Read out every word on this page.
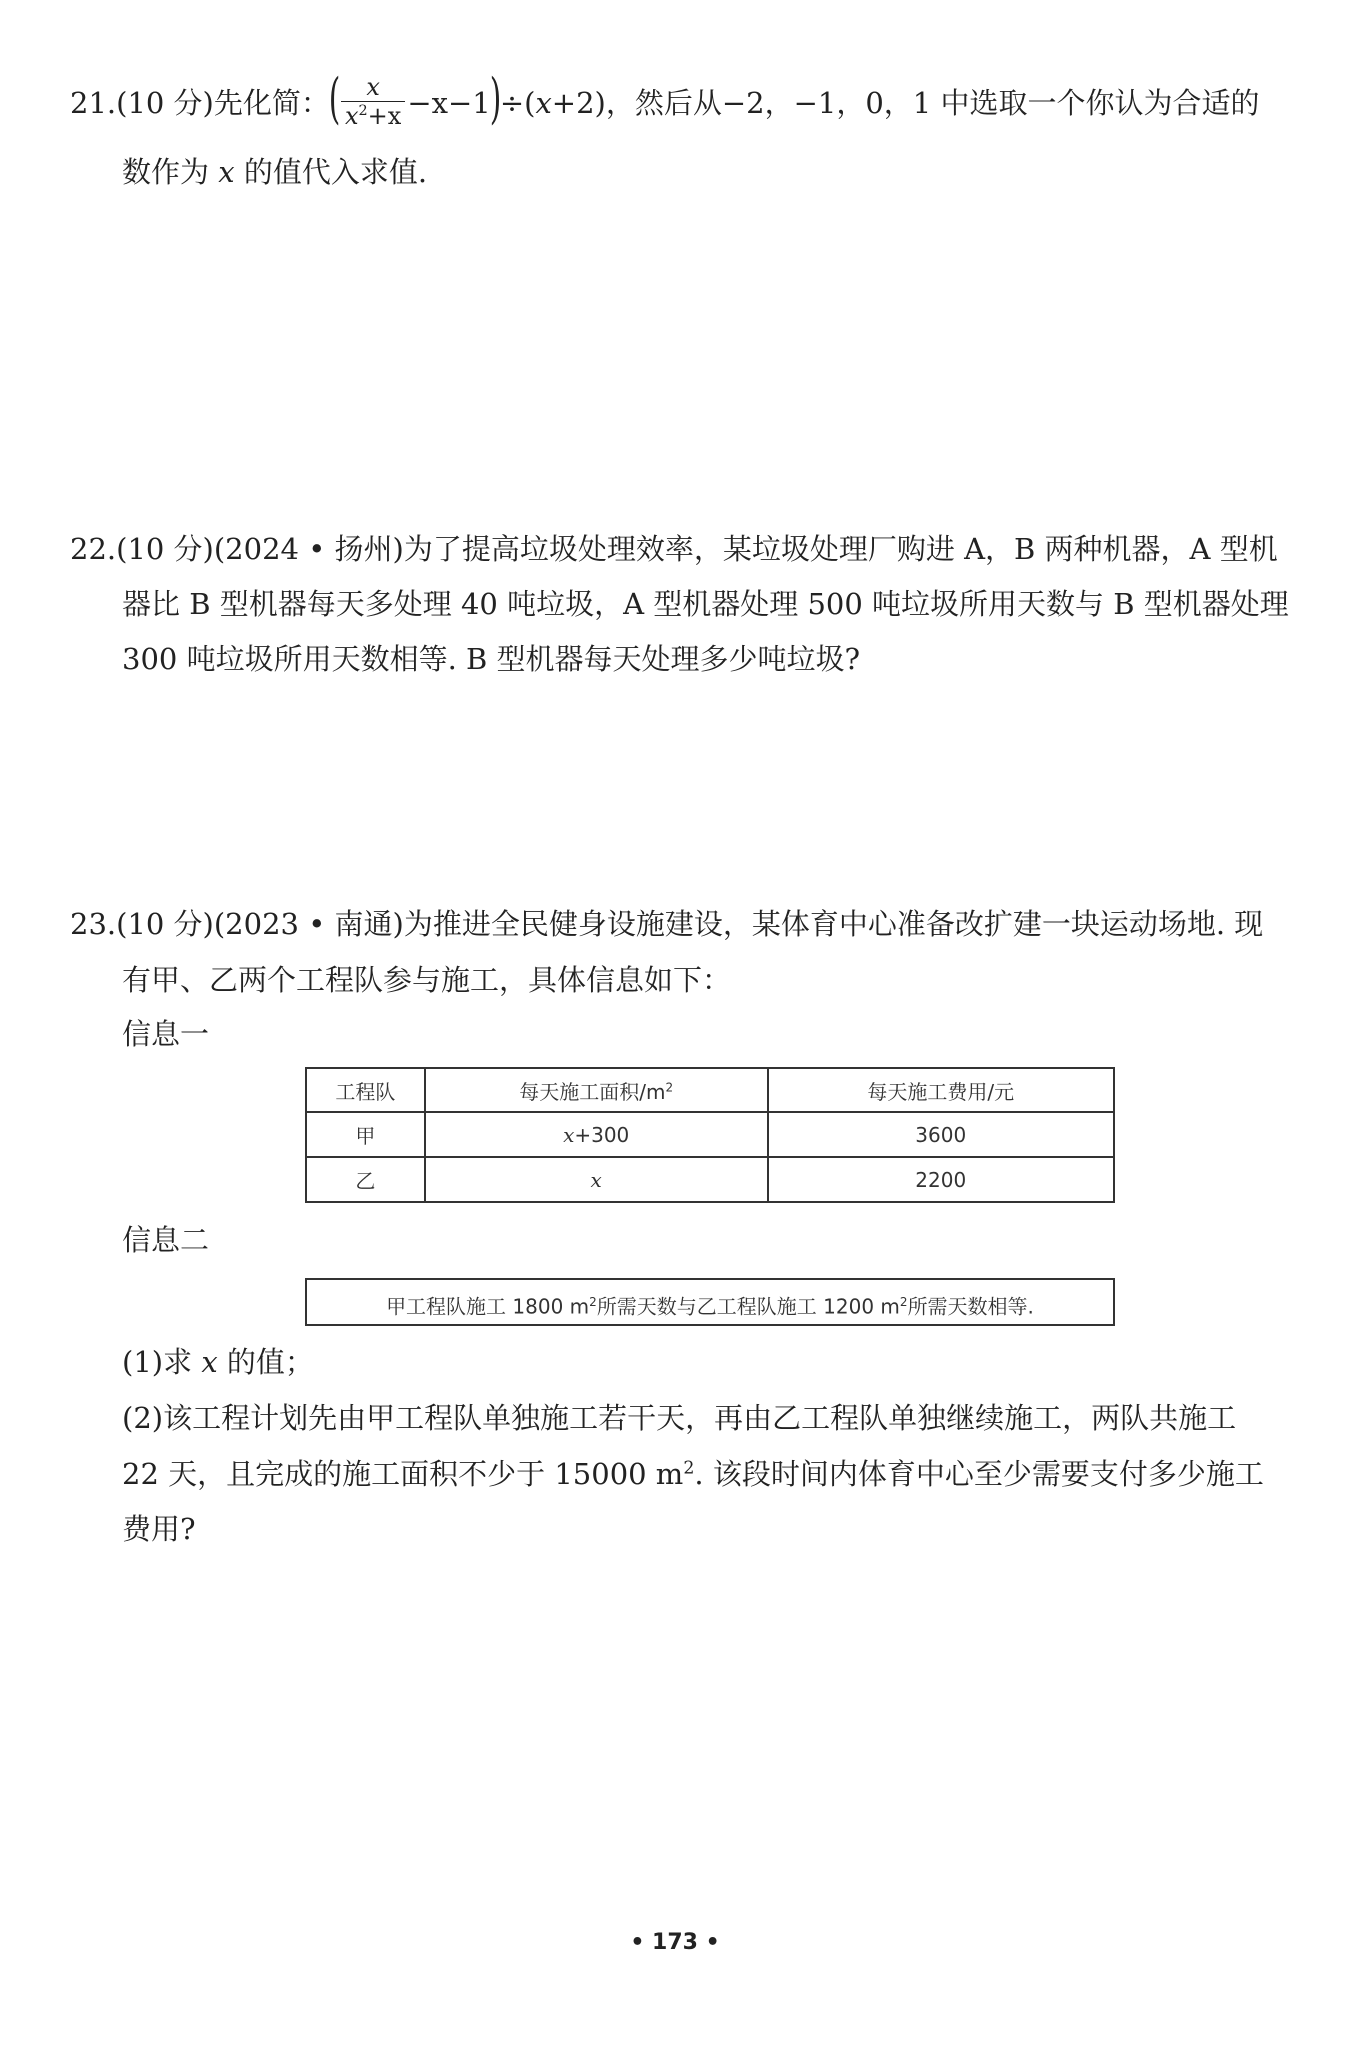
21.(10 分)先化简：( $\frac{x}{x^2+x} -x-1)\div(x+2)$，然后从−2，−1，0，1 中选取一个你认为合适的
数作为 x 的值代入求值.
22.(10 分)(2024 • 扬州)为了提高垃圾处理效率，某垃圾处理厂购进 A，B 两种机器，A 型机
器比 B 型机器每天多处理 40 吨垃圾，A 型机器处理 500 吨垃圾所用天数与 B 型机器处理
300 吨垃圾所用天数相等. B 型机器每天处理多少吨垃圾?
23.(10 分)(2023 • 南通)为推进全民健身设施建设，某体育中心准备改扩建一块运动场地. 现
有甲、乙两个工程队参与施工，具体信息如下：
信息一
工程队	每天施工面积$/m^2$	每天施工费用/元
甲	x+300	3600
乙	x	2200
信息二
甲工程队施工 1800 $m^2$所需天数与乙工程队施工 1200 $m^2$所需天数相等.
(1)求 x 的值；
(2)该工程计划先由甲工程队单独施工若干天，再由乙工程队单独继续施工，两队共施工
22 天，且完成的施工面积不少于 15000 $m^2$. 该段时间内体育中心至少需要支付多少施工
费用?
• 173 •
